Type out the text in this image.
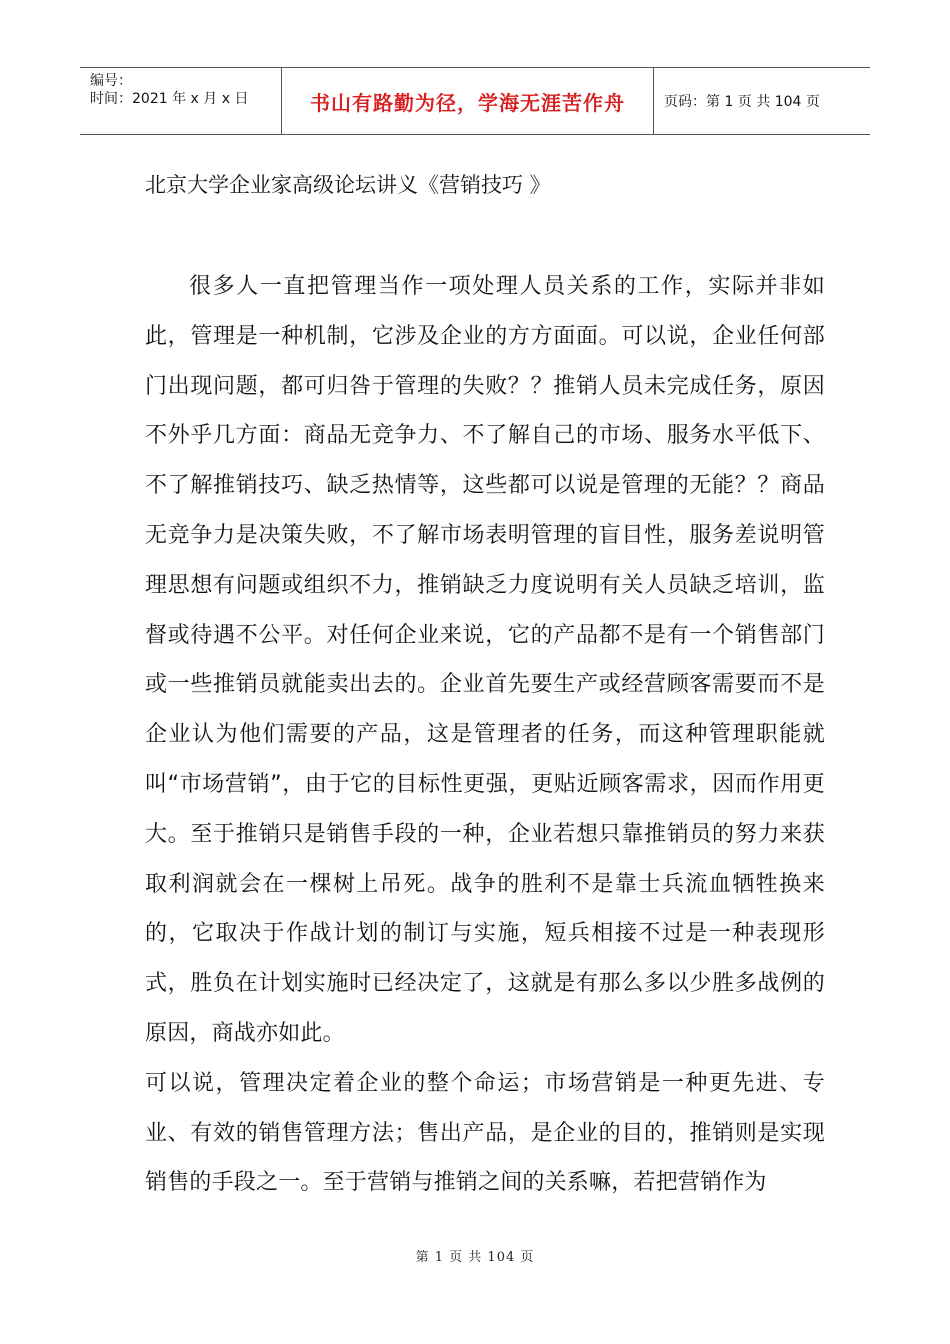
编号：
时间：2021 年 x 月 x 日	书山有路勤为径，学海无涯苦作舟	页码：第 1 页 共 104 页
北京大学企业家高级论坛讲义《营销技巧 》

很多人一直把管理当作一项处理人员关系的工作，实际并非如此，管理是一种机制，它涉及企业的方方面面。可以说，企业任何部门出现问题，都可归咎于管理的失败？？推销人员未完成任务，原因不外乎几方面：商品无竞争力、不了解自己的市场、服务水平低下、不了解推销技巧、缺乏热情等，这些都可以说是管理的无能？？商品无竞争力是决策失败，不了解市场表明管理的盲目性，服务差说明管理思想有问题或组织不力，推销缺乏力度说明有关人员缺乏培训，监督或待遇不公平。对任何企业来说，它的产品都不是有一个销售部门或一些推销员就能卖出去的。企业首先要生产或经营顾客需要而不是企业认为他们需要的产品，这是管理者的任务，而这种管理职能就叫“市场营销”，由于它的目标性更强，更贴近顾客需求，因而作用更大。至于推销只是销售手段的一种，企业若想只靠推销员的努力来获取利润就会在一棵树上吊死。战争的胜利不是靠士兵流血牺牲换来的，它取决于作战计划的制订与实施，短兵相接不过是一种表现形式，胜负在计划实施时已经决定了，这就是有那么多以少胜多战例的原因，商战亦如此。

可以说，管理决定着企业的整个命运；市场营销是一种更先进、专业、有效的销售管理方法；售出产品，是企业的目的，推销则是实现销售的手段之一。至于营销与推销之间的关系嘛，若把营销作为

第 1 页 共 104 页
